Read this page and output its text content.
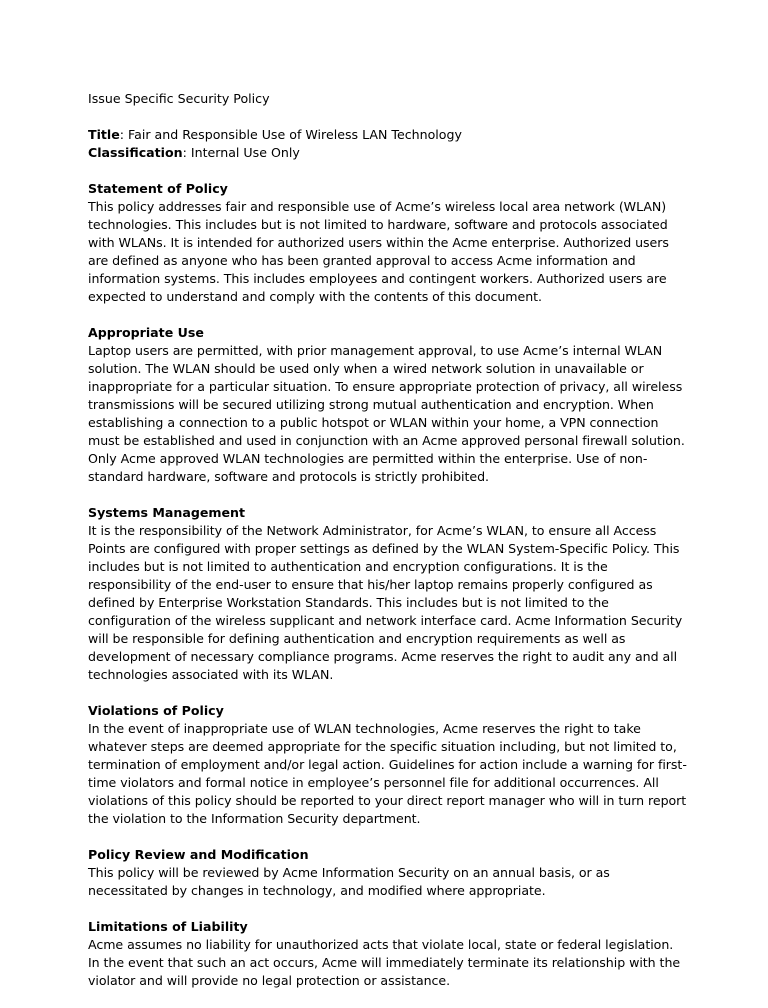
Issue Specific Security Policy

Title: Fair and Responsible Use of Wireless LAN Technology

Classification: Internal Use Only

Statement of Policy

This policy addresses fair and responsible use of Acme’s wireless local area network (WLAN) technologies. This includes but is not limited to hardware, software and protocols associated with WLANs. It is intended for authorized users within the Acme enterprise. Authorized users are defined as anyone who has been granted approval to access Acme information and information systems. This includes employees and contingent workers. Authorized users are expected to understand and comply with the contents of this document.

Appropriate Use

Laptop users are permitted, with prior management approval, to use Acme’s internal WLAN solution. The WLAN should be used only when a wired network solution in unavailable or inappropriate for a particular situation. To ensure appropriate protection of privacy, all wireless transmissions will be secured utilizing strong mutual authentication and encryption. When establishing a connection to a public hotspot or WLAN within your home, a VPN connection must be established and used in conjunction with an Acme approved personal firewall solution. Only Acme approved WLAN technologies are permitted within the enterprise. Use of non-standard hardware, software and protocols is strictly prohibited.

Systems Management

It is the responsibility of the Network Administrator, for Acme’s WLAN, to ensure all Access Points are configured with proper settings as defined by the WLAN System-Specific Policy. This includes but is not limited to authentication and encryption configurations. It is the responsibility of the end-user to ensure that his/her laptop remains properly configured as defined by Enterprise Workstation Standards. This includes but is not limited to the configuration of the wireless supplicant and network interface card. Acme Information Security will be responsible for defining authentication and encryption requirements as well as development of necessary compliance programs. Acme reserves the right to audit any and all technologies associated with its WLAN.

Violations of Policy

In the event of inappropriate use of WLAN technologies, Acme reserves the right to take whatever steps are deemed appropriate for the specific situation including, but not limited to, termination of employment and/or legal action. Guidelines for action include a warning for first-time violators and formal notice in employee’s personnel file for additional occurrences. All violations of this policy should be reported to your direct report manager who will in turn report the violation to the Information Security department.

Policy Review and Modification

This policy will be reviewed by Acme Information Security on an annual basis, or as necessitated by changes in technology, and modified where appropriate.

Limitations of Liability

Acme assumes no liability for unauthorized acts that violate local, state or federal legislation. In the event that such an act occurs, Acme will immediately terminate its relationship with the violator and will provide no legal protection or assistance.
